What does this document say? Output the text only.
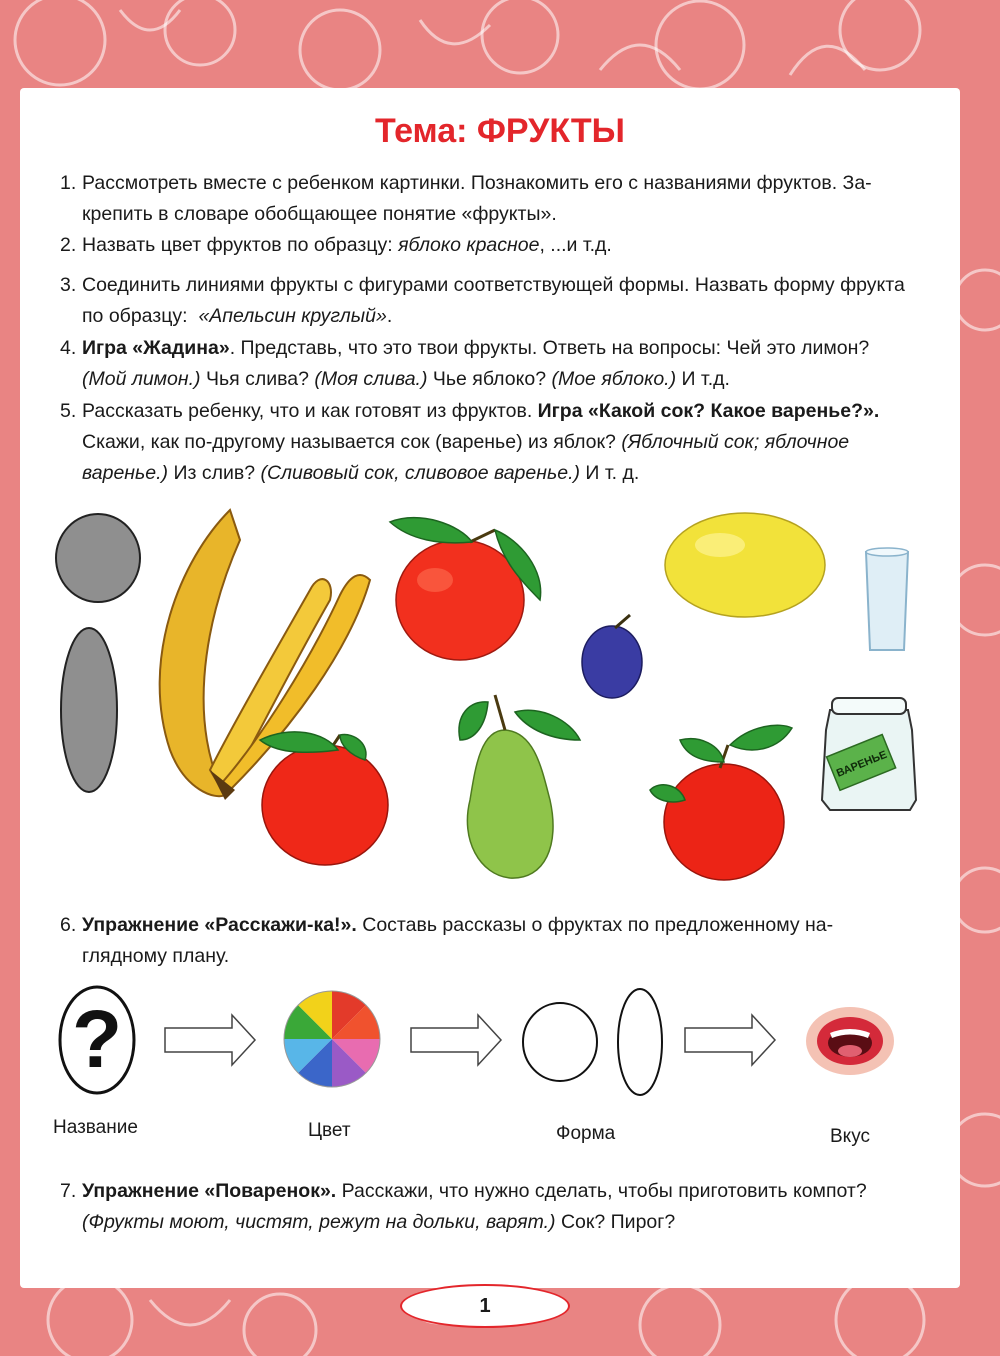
Тема: ФРУКТЫ
1. Рассмотреть вместе с ребенком картинки. Познакомить его с названиями фруктов. За-
крепить в словаре обобщающее понятие «фрукты».
2. Назвать цвет фруктов по образцу: яблоко красное, ...и т.д.
3. Соединить линиями фрукты с фигурами соответствующей формы. Назвать форму фрукта
по образцу: «Апельсин круглый».
4. Игра «Жадина». Представь, что это твои фрукты. Ответь на вопросы: Чей это лимон?
(Мой лимон.) Чья слива? (Моя слива.) Чье яблоко? (Мое яблоко.) И т.д.
5. Рассказать ребенку, что и как готовят из фруктов. Игра «Какой сок? Какое варенье?».
Скажи, как по-другому называется сок (варенье) из яблок? (Яблочный сок; яблочное варенье.) Из слив? (Сливовый сок, сливовое варенье.) И т. д.
ВАРЕНЬЕ
6. Упражнение «Расскажи-ка!». Составь рассказы о фруктах по предложенному на-
глядному плану.
?
Название	Цвет	Форма	Вкус
7. Упражнение «Поваренок». Расскажи, что нужно сделать, чтобы приготовить компот?
(Фрукты моют, чистят, режут на дольки, варят.) Сок? Пирог?
1
